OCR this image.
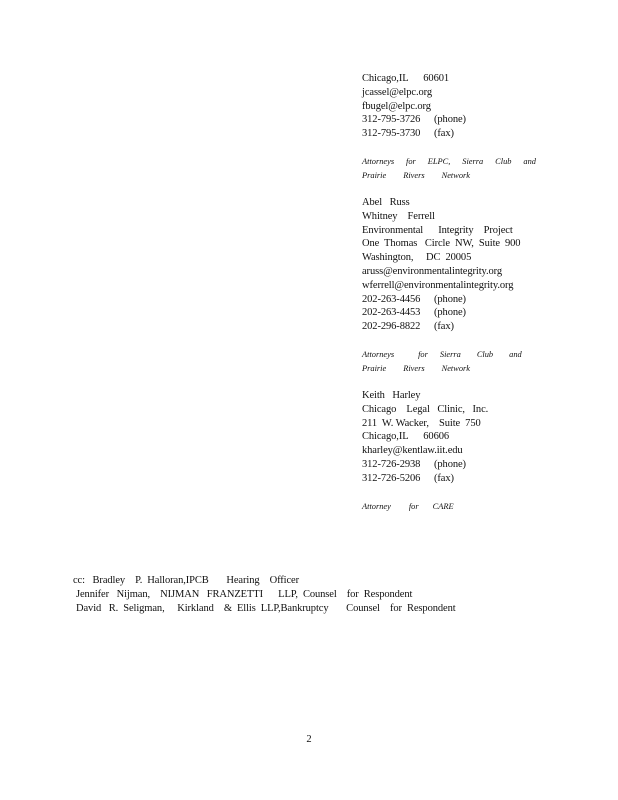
Chicago,IL      60601
jcassel@elpc.org
fbugel@elpc.org
312-795-3726 (phone)
312-795-3730 (fax)
Attorneys for ELPC, Sierra Club and
Prairie Rivers Network
Abel   Russ
Whitney    Ferrell
Environmental      Integrity    Project
One  Thomas   Circle  NW,  Suite  900
Washington,     DC  20005
aruss@environmentalintegrity.org
wferrell@environmentalintegrity.org
202-263-4456 (phone)
202-263-4453 (phone)
202-296-8822 (fax)
Attorneys	for Sierra Club and
Prairie Rivers Network
Keith   Harley
Chicago    Legal   Clinic,   Inc.
211  W. Wacker,    Suite  750
Chicago,IL      60606
kharley@kentlaw.iit.edu
312-726-2938 (phone)
312-726-5206 (fax)
Attorney for CARE
cc:   Bradley    P.  Halloran,IPCB       Hearing    Officer
Jennifer   Nijman,    NIJMAN   FRANZETTI      LLP,  Counsel    for  Respondent
David   R.  Seligman,     Kirkland    &  Ellis  LLP,Bankruptcy       Counsel    for  Respondent
2
